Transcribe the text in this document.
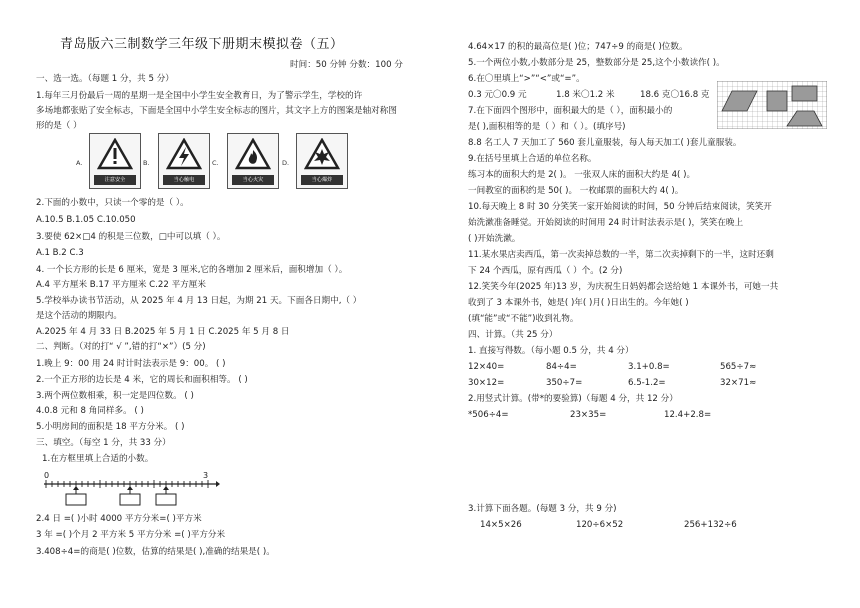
青岛版六三制数学三年级下册期末模拟卷（五）
时间：50 分钟 分数：100 分
一、选一选。（每题 1 分，共 5 分）
1.每年三月份最后一周的星期一是全国中小学生安全教育日，为了警示学生，学校的许
多场地都张贴了安全标志，下面是全国中小学生安全标志的图片，其文字上方的图案是轴对称图
形的是（ ）
A.
注意安全
B.
当心触电
C.
当心火灾
D.
当心爆炸
2.下面的小数中，只读一个零的是（ ）。
A.10.5 B.1.05 C.10.050
3.要使 62×□4 的积是三位数，□中可以填（ ）。
A.1 B.2 C.3
4. 一个长方形的长是 6 厘米，宽是 3 厘米,它的各增加 2 厘米后，面积增加（ ）。
A.4 平方厘米 B.17 平方厘米 C.22 平方厘米
5.学校举办读书节活动，从 2025 年 4 月 13 日起，为期 21 天。下面各日期中,（ ）
是这个活动的期限内。
A.2025 年 4 月 33 日 B.2025 年 5 月 1 日 C.2025 年 5 月 8 日
二、判断。（对的打“ √ ”,错的打“×”）(5 分)
1.晚上 9：00 用 24 时计时法表示是 9：00。 ( )
2.一个正方形的边长是 4 米，它的周长和面积相等。 ( )
3.两个两位数相乘，积一定是四位数。 ( )
4.0.8 元和 8 角同样多。 ( )
5.小明房间的面积是 18 平方分米。 ( )
三、填空。（每空 1 分，共 33 分）
1.在方框里填上合适的小数。
0	3
2.4 日 =( )小时 4000 平方分米=( )平方米
3 年 =( )个月 2 平方米 5 平方分米 =( )平方分米
3.408÷4=的商是( )位数，估算的结果是( ),准确的结果是( )。
4.64×17 的积的最高位是( )位；747÷9 的商是( )位数。
5.一个两位小数,小数部分是 25，整数部分是 25,这个小数读作( )。
6.在〇里填上“>”“<”或“=”。
0.3 元〇0.9 元	1.8 米〇1.2 米	18.6 克〇16.8 克
7.在下面四个图形中，面积最大的是（ ），面积最小的
是( ),面积相等的是（ ）和（ ）。(填序号)
8.8 名工人 7 天加工了 560 套儿童服装，每人每天加工( )套儿童服装。
9.在括号里填上合适的单位名称。
练习本的面积大约是 2( )。 一张双人床的面积大约是 4( )。
一间教室的面积约是 50( )。 一枚邮票的面积大约 4( )。
10.每天晚上 8 时 30 分笑笑一家开始阅读的时间，50 分钟后结束阅读，笑笑开
始洗漱准备睡觉。开始阅读的时间用 24 时计时法表示是( )，笑笑在晚上
( )开始洗漱。
11.某水果店卖西瓜，第一次卖掉总数的一半，第二次卖掉剩下的一半，这时还剩
下 24 个西瓜，原有西瓜（ ）个。(2 分)
12.笑笑今年(2025 年)13 岁，为庆祝生日妈妈都会送给她 1 本课外书，可她一共
收到了 3 本课外书，她是( )年( )月( )日出生的。今年她( )
(填“能”或“不能”)收到礼物。
四、计算。（共 25 分）
1. 直接写得数。（每小题 0.5 分，共 4 分）
12×40=	84÷4=	3.1+0.8=	565÷7≈
30×12=	350÷7=	6.5-1.2=	32×71≈
2.用竖式计算。(带*的要验算)（每题 4 分，共 12 分）
*506÷4=	23×35=	12.4+2.8=
3.计算下面各题。(每题 3 分，共 9 分)
14×5×26	120÷6×52	256+132÷6
